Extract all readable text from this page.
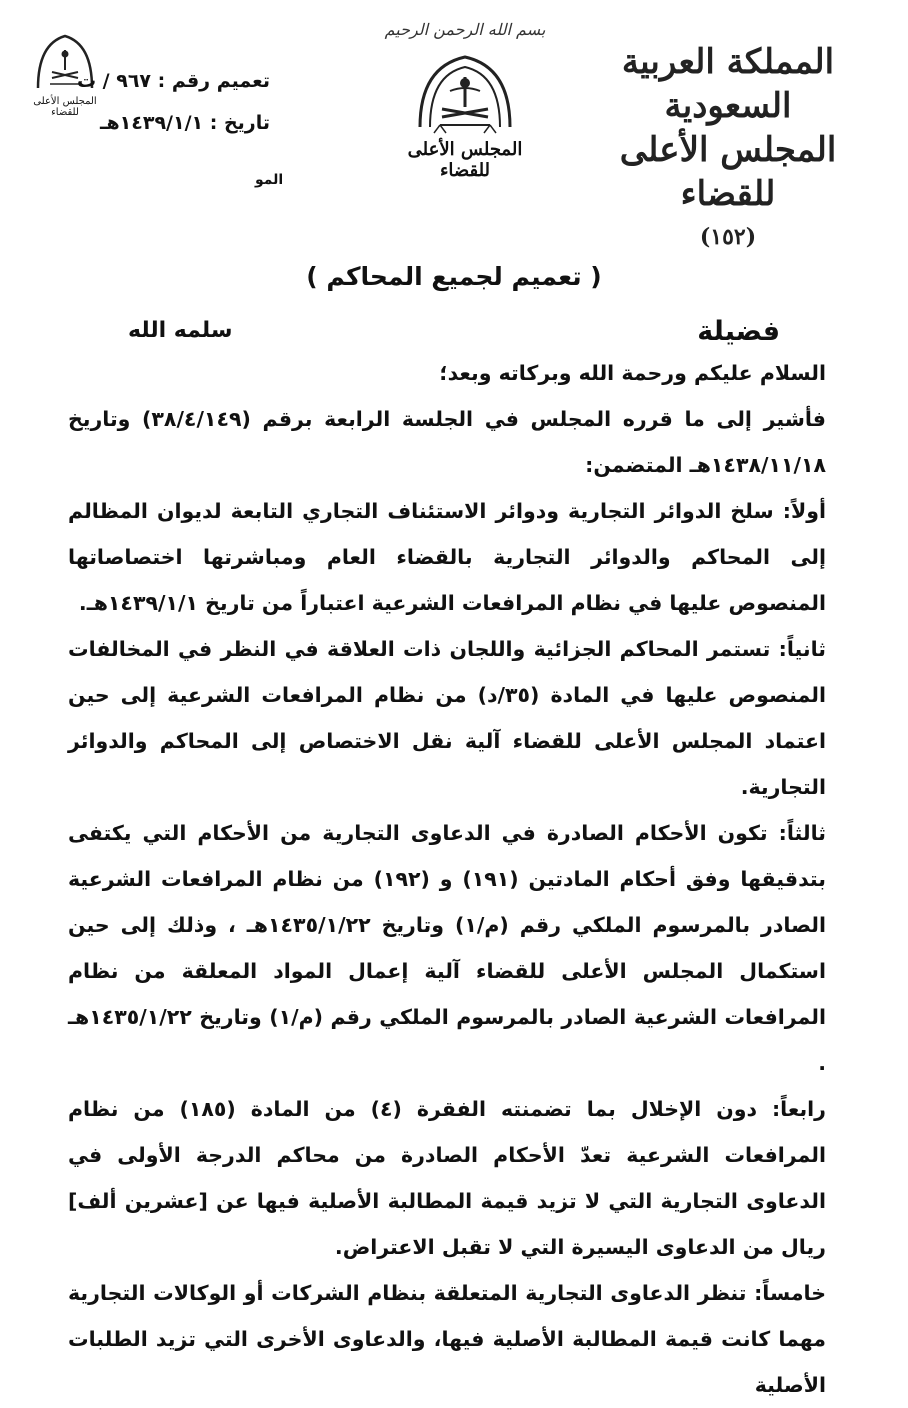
المملكة العربية السعودية
المجلس الأعلى للقضاء
(١٥٢)
بسم الله الرحمن الرحيم
المجلس الأعلى للقضاء
المجلس الأعلى للقضاء
تعميم رقم : ٩٦٧ / ت
تاريخ : ١٤٣٩/١/١هـ
المو
( تعميم لجميع المحاكم )
فضيلة
سلمه الله

السلام عليكم ورحمة الله وبركاته وبعد؛

فأشير إلى ما قرره المجلس في الجلسة الرابعة برقم (٣٨/٤/١٤٩) وتاريخ ١٤٣٨/١١/١٨هـ المتضمن:

أولاً: سلخ الدوائر التجارية ودوائر الاستئناف التجاري التابعة لديوان المظالم إلى المحاكم والدوائر التجارية بالقضاء العام ومباشرتها اختصاصاتها المنصوص عليها في نظام المرافعات الشرعية اعتباراً من تاريخ ١٤٣٩/١/١هـ.

ثانياً: تستمر المحاكم الجزائية واللجان ذات العلاقة في النظر في المخالفات المنصوص عليها في المادة (٣٥/د) من نظام المرافعات الشرعية إلى حين اعتماد المجلس الأعلى للقضاء آلية نقل الاختصاص إلى المحاكم والدوائر التجارية.

ثالثاً: تكون الأحكام الصادرة في الدعاوى التجارية من الأحكام التي يكتفى بتدقيقها وفق أحكام المادتين (١٩١) و (١٩٢) من نظام المرافعات الشرعية الصادر بالمرسوم الملكي رقم (م/١) وتاريخ ١٤٣٥/١/٢٢هـ ، وذلك إلى حين استكمال المجلس الأعلى للقضاء آلية إعمال المواد المعلقة من نظام المرافعات الشرعية الصادر بالمرسوم الملكي رقم (م/١) وتاريخ ١٤٣٥/١/٢٢هـ .

رابعاً: دون الإخلال بما تضمنته الفقرة (٤) من المادة (١٨٥) من نظام المرافعات الشرعية تعدّ الأحكام الصادرة من محاكم الدرجة الأولى في الدعاوى التجارية التي لا تزيد قيمة المطالبة الأصلية فيها عن [عشرين ألف] ريال من الدعاوى اليسيرة التي لا تقبل الاعتراض.

خامساً: تنظر الدعاوى التجارية المتعلقة بنظام الشركات أو الوكالات التجارية مهما كانت قيمة المطالبة الأصلية فيها، والدعاوى الأخرى التي تزيد الطلبات الأصلية
